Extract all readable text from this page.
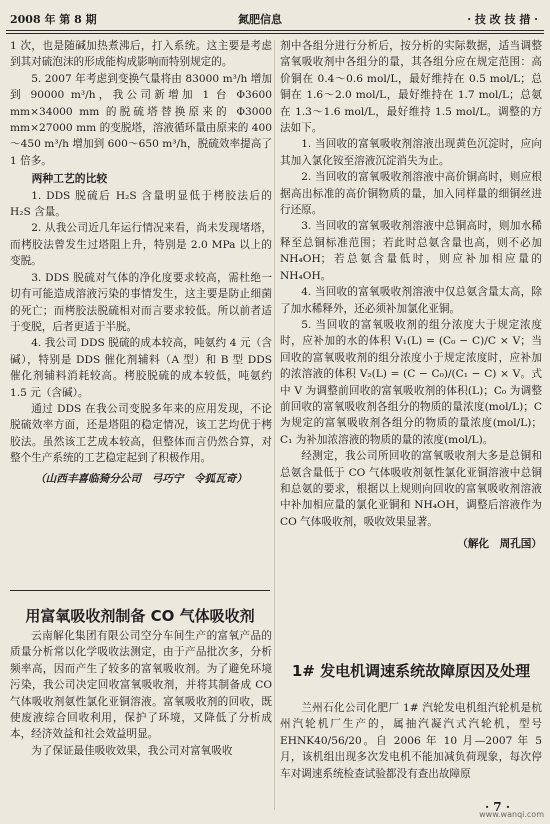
2008 年 第 8 期	氮肥信息	· 技 改 技 措 ·

1 次，也是随碱加热煮沸后，打入系统。这主要是考虑到其对硫泡沫的形成能构成影响而特别规定的。

5. 2007 年考虑到变换气量将由 83000 m³/h 增加到 90000 m³/h，我公司新增加 1 台 Φ3600 mm×34000 mm 的脱硫塔替换原来的 Φ3000 mm×27000 mm 的变脱塔，溶液循环量由原来的 400～450 m³/h 增加到 600～650 m³/h，脱硫效率提高了 1 倍多。

两种工艺的比较

1. DDS 脱硫后 H₂S 含量明显低于栲胶法后的 H₂S 含量。

2. 从我公司近几年运行情况来看，尚未发现堵塔，而栲胶法曾发生过塔阻上升，特别是 2.0 MPa 以上的变脱。

3. DDS 脱硫对气体的净化度要求较高，需杜绝一切有可能造成溶液污染的事情发生，这主要是防止细菌的死亡；而栲胶法脱硫相对而言要求较低。所以前者适于变脱，后者更适于半脱。

4. 我公司 DDS 脱硫的成本较高，吨氨约 4 元（含碱），特别是 DDS 催化剂辅料（A 型）和 B 型 DDS 催化剂辅料消耗较高。栲胶脱硫的成本较低，吨氨约 1.5 元（含碱）。

通过 DDS 在我公司变脱多年来的应用发现，不论脱硫效率方面，还是塔阻的稳定情况，该工艺均优于栲胶法。虽然该工艺成本较高，但整体而言仍然合算，对整个生产系统的工艺稳定起到了积极作用。

（山西丰喜临猗分公司　弓巧宁　令狐瓦奇）

用富氧吸收剂制备 CO 气体吸收剂

云南解化集团有限公司空分车间生产的富氧产品的质量分析常以化学吸收法测定，由于产品批次多，分析频率高，因而产生了较多的富氧吸收剂。为了避免环境污染，我公司决定回收富氧吸收剂，并将其制备成 CO 气体吸收剂氨性氯化亚铜溶液。富氧吸收剂的回收，既使废液综合回收利用，保护了环境，又降低了分析成本，经济效益和社会效益明显。

为了保证最佳吸收效果，我公司对富氧吸收

剂中各组分进行分析后，按分析的实际数据，适当调整富氧吸收剂中各组分的量，其各组分应在规定范围：高价铜在 0.4～0.6 mol/L，最好维持在 0.5 mol/L；总铜在 1.6～2.0 mol/L，最好维持在 1.7 mol/L；总氨在 1.3～1.6 mol/L，最好维持 1.5 mol/L。调整的方法如下。

1. 当回收的富氧吸收剂溶液出现黄色沉淀时，应向其加入氯化铵至溶液沉淀消失为止。

2. 当回收的富氧吸收剂溶液中高价铜高时，则应根据高出标准的高价铜物质的量，加入同样量的细铜丝进行还原。

3. 当回收的富氧吸收剂溶液中总铜高时，则加水稀释至总铜标准范围；若此时总氨含量也高，则不必加 NH₄OH；若总氨含量低时，则应补加相应量的 NH₄OH。

4. 当回收的富氧吸收剂溶液中仅总氨含量太高，除了加水稀释外，还必须补加氯化亚铜。

5. 当回收的富氧吸收剂的组分浓度大于规定浓度时，应补加的水的体积 V₁(L) = (C₀ − C)/C × V；当回收的富氧吸收剂的组分浓度小于规定浓度时，应补加的浓溶液的体积 V₂(L) = (C − C₀)/(C₁ − C) × V。式中 V 为调整前回收的富氧吸收剂的体积(L)；C₀ 为调整前回收的富氧吸收剂各组分的物质的量浓度(mol/L)；C 为规定的富氧吸收剂各组分的物质的量浓度(mol/L)；C₁ 为补加浓溶液的物质的量的浓度(mol/L)。

经测定，我公司所回收的富氧吸收剂大多是总铜和总氨含量低于 CO 气体吸收剂氨性氯化亚铜溶液中总铜和总氨的要求，根据以上规则向回收的富氧吸收剂溶液中补加相应量的氯化亚铜和 NH₄OH，调整后溶液作为 CO 气体吸收剂，吸收效果显著。

（解化　周孔国）

1# 发电机调速系统故障原因及处理

兰州石化公司化肥厂 1# 汽轮发电机组汽轮机是杭州汽轮机厂生产的，属抽汽凝汽式汽轮机，型号 EHNK40/56/20。自 2006 年 10 月—2007 年 5 月，该机组出现多次发电机不能加减负荷现象，每次停车对调速系统检查试验都没有查出故障原

· 7 ·
www.wanqi.com
